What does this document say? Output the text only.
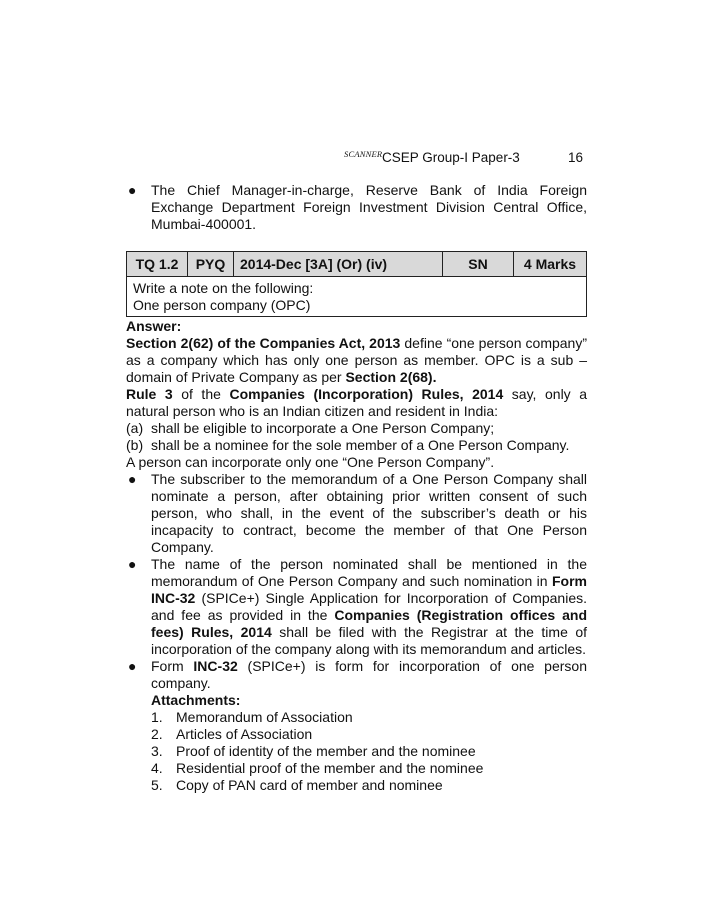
SCANNER CSEP Group-I Paper-3	16
● The Chief Manager-in-charge, Reserve Bank of India Foreign Exchange Department Foreign Investment Division Central Office, Mumbai-400001.
TQ 1.2	PYQ	2014-Dec [3A] (Or) (iv)	SN	4 Marks

Write a note on the following:
One person company (OPC)
Answer:
Section 2(62) of the Companies Act, 2013 define “one person company” as a company which has only one person as member. OPC is a sub – domain of Private Company as per Section 2(68).
Rule 3 of the Companies (Incorporation) Rules, 2014 say, only a natural person who is an Indian citizen and resident in India:
(a) shall be eligible to incorporate a One Person Company;
(b) shall be a nominee for the sole member of a One Person Company.
A person can incorporate only one “One Person Company”.
● The subscriber to the memorandum of a One Person Company shall nominate a person, after obtaining prior written consent of such person, who shall, in the event of the subscriber’s death or his incapacity to contract, become the member of that One Person Company.
● The name of the person nominated shall be mentioned in the memorandum of One Person Company and such nomination in Form INC-32 (SPICe+) Single Application for Incorporation of Companies. and fee as provided in the Companies (Registration offices and fees) Rules, 2014 shall be filed with the Registrar at the time of incorporation of the company along with its memorandum and articles.
● Form INC-32 (SPICe+) is form for incorporation of one person company.
Attachments:
1. Memorandum of Association
2. Articles of Association
3. Proof of identity of the member and the nominee
4. Residential proof of the member and the nominee
5. Copy of PAN card of member and nominee
